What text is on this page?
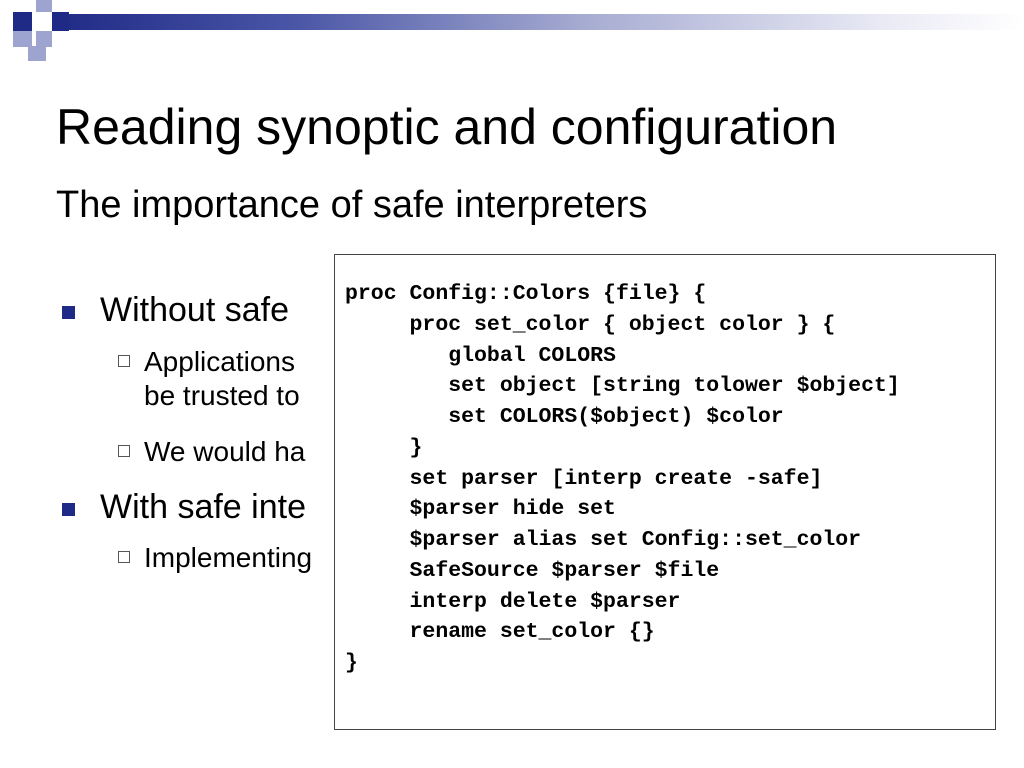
Reading synoptic and configuration
The importance of safe interpreters
Without safe
Applications
be trusted to
We would ha
With safe inte
Implementing
proc Config::Colors {file} {
proc set_color { object color } {
global COLORS
set object [string tolower $object]
set COLORS($object) $color
}
set parser [interp create -safe]
$parser hide set
$parser alias set Config::set_color
SafeSource $parser $file
interp delete $parser
rename set_color {}
}
